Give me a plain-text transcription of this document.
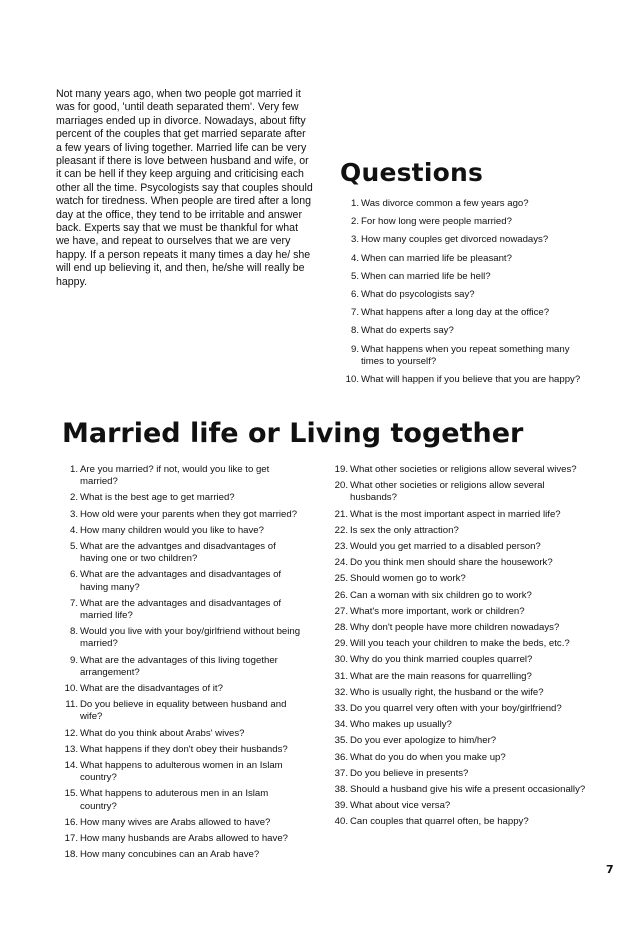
Not many years ago, when two people got married it was for good, 'until death separated them'. Very few marriages ended up in divorce. Nowadays, about fifty percent of the couples that get married separate after a few years of living together. Married life can be very pleasant if there is love between husband and wife, or it can be hell if they keep arguing and criticising each other all the time. Psycologists say that couples should watch for tiredness. When people are tired after a long day at the office, they tend to be irritable and answer back. Experts say that we must be thankful for what we have, and repeat to ourselves that we are very happy. If a person repeats it many times a day he/ she will end up believing it, and then, he/she will really be happy.

Questions
1. Was divorce common a few years ago?
2. For how long were people married?
3. How many couples get divorced nowadays?
4. When can married life be pleasant?
5. When can married life be hell?
6. What do psycologists say?
7. What happens after a long day at the office?
8. What do experts say?
9. What happens when you repeat something many times to yourself?
10. What will happen if you believe that you are happy?
Married life or Living together
1. Are you married? if not, would you like to get married?
2. What is the best age to get married?
3. How old were your parents when they got married?
4. How many children would you like to have?
5. What are the advantges and disadvantages of having one or two children?
6. What are the advantages and disadvantages of having many?
7. What are the advantages and disadvantages of married life?
8. Would you live with your boy/girlfriend without being married?
9. What are the advantages of this living together arrangement?
10. What are the disadvantages of it?
11. Do you believe in equality between husband and wife?
12. What do you think about Arabs' wives?
13. What happens if they don't obey their husbands?
14. What happens to adulterous women in an Islam country?
15. What happens to aduterous men in an Islam country?
16. How many wives are Arabs allowed to have?
17. How many husbands are Arabs allowed to have?
18. How many concubines can an Arab have?
19. What other societies or religions allow several wives?
20. What other societies or religions allow several husbands?
21. What is the most important aspect in married life?
22. Is sex the only attraction?
23. Would you get married to a disabled person?
24. Do you think men should share the housework?
25. Should women go to work?
26. Can a woman with six children go to work?
27. What's more important, work or children?
28. Why don't people have more children nowadays?
29. Will you teach your children to make the beds, etc.?
30. Why do you think married couples quarrel?
31. What are the main reasons for quarrelling?
32. Who is usually right, the husband or the wife?
33. Do you quarrel very often with your boy/girlfriend?
34. Who makes up usually?
35. Do you ever apologize to him/her?
36. What do you do when you make up?
37. Do you believe in presents?
38. Should a husband give his wife a present occasionally?
39. What about vice versa?
40. Can couples that quarrel often, be happy?

7
